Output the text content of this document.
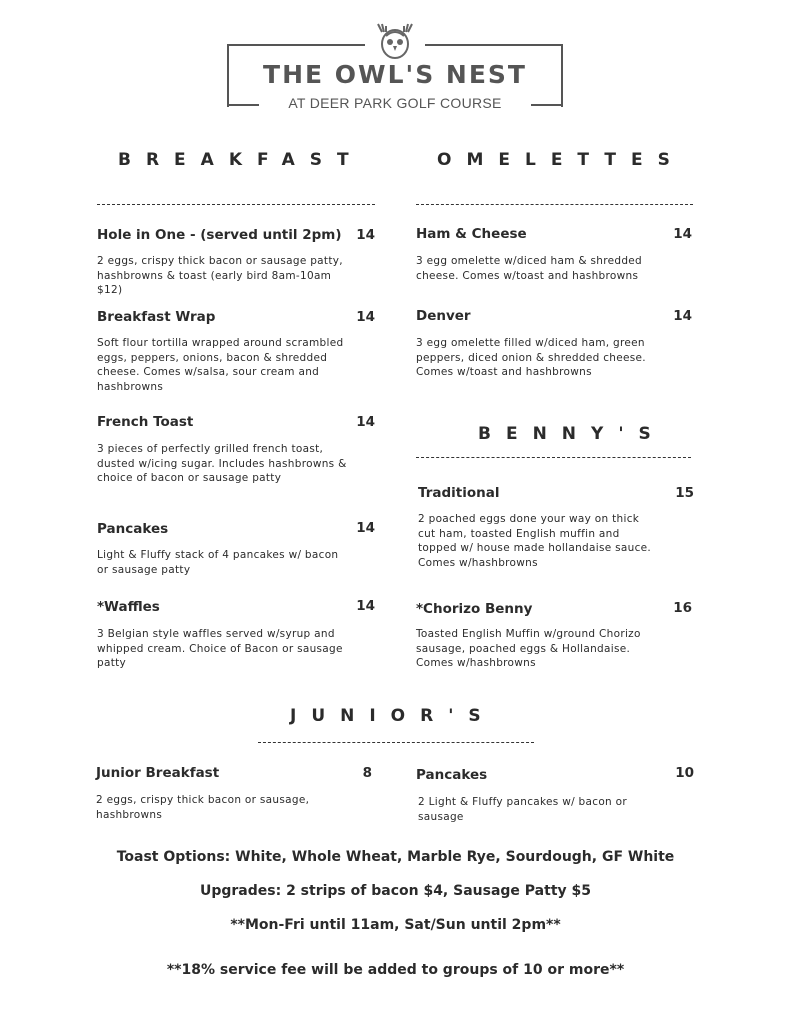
THE OWL'S NEST
AT DEER PARK GOLF COURSE
BREAKFAST
Hole in One - (served until 2pm)	14
2 eggs, crispy thick bacon or sausage patty, hashbrowns & toast (early bird 8am-10am $12)
Breakfast Wrap	14
Soft flour tortilla wrapped around scrambled eggs, peppers, onions, bacon & shredded cheese. Comes w/salsa, sour cream and hashbrowns
French Toast	14
3 pieces of perfectly grilled french toast, dusted w/icing sugar. Includes hashbrowns & choice of bacon or sausage patty
Pancakes	14
Light & Fluffy stack of 4 pancakes w/ bacon or sausage patty
*Waffles	14
3 Belgian style waffles served w/syrup and whipped cream. Choice of Bacon or sausage patty
OMELETTES
Ham & Cheese	14
3 egg omelette w/diced ham & shredded cheese. Comes w/toast and hashbrowns
Denver	14
3 egg omelette filled w/diced ham, green peppers, diced onion & shredded cheese. Comes w/toast and hashbrowns
BENNY'S
Traditional	15
2 poached eggs done your way on thick cut ham, toasted English muffin and topped w/ house made hollandaise sauce. Comes w/hashbrowns
*Chorizo Benny	16
Toasted English Muffin w/ground Chorizo sausage, poached eggs & Hollandaise. Comes w/hashbrowns
JUNIOR'S
Junior Breakfast	8
2 eggs, crispy thick bacon or sausage, hashbrowns
Pancakes	10
2 Light & Fluffy pancakes w/ bacon or sausage
Toast Options: White, Whole Wheat, Marble Rye, Sourdough, GF White
Upgrades: 2 strips of bacon $4, Sausage Patty $5
**Mon-Fri until 11am, Sat/Sun until 2pm**
**18% service fee will be added to groups of 10 or more**
